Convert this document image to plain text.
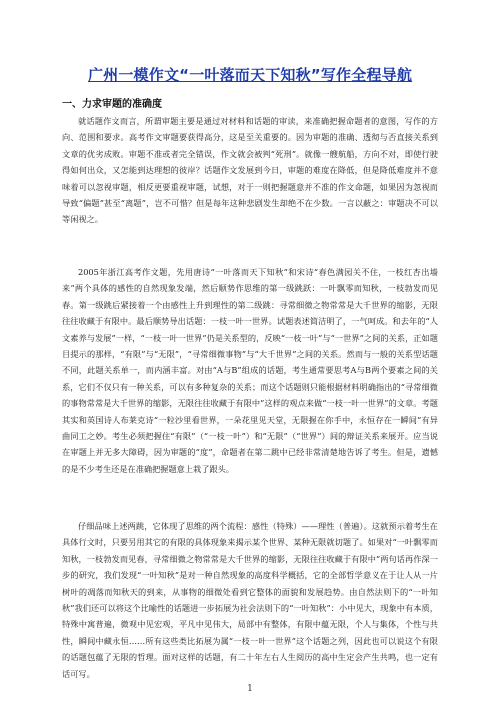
广州一模作文“一叶落而天下知秋”写作全程导航
一、力求审题的准确度

就话题作文而言，所谓审题主要是通过对材料和话题的审读，来准确把握命题者的意图，写作的方向、范围和要求。高考作文审题要获得高分，这是至关重要的。因为审题的准确、透彻与否直接关系到文章的优劣成败。审题不准或者完全错误，作文就会被判“死刑”。就像一艘航船，方向不对，即使行驶得如何出众，又怎能到达理想的彼岸？话题作文发展到今日，审题的难度在降低，但是降低难度并不意味着可以忽视审题，相反更要重视审题，试想，对于一则把握题意并不准的作文命题，如果因为忽视而导致“偏题”甚至“离题”，岂不可惜？但是每年这种悲剧发生却绝不在少数。一言以蔽之：审题决不可以等闲视之。

2005年浙江高考作文题，先用唐诗“一叶落而天下知秋”和宋诗“春色满园关不住，一枝红杏出墙来”两个具体的感性的自然现象发端，然后顺势作思维的第一级跳跃：一叶飘零而知秋，一枝勃发而见春。第一级跳后紧接着一个由感性上升到理性的第二级跳：寻常细微之物常常是大千世界的缩影，无限往往收藏于有限中。最后顺势导出话题：一枝一叶一世界。试题表述简洁明了，一气呵成。和去年的“人文素养与发展”一样，“一枝一叶一世界”仍是关系型的，反映“一枝一叶”与“一世界”之间的关系，正如题目提示的那样，“有限”与“无限”，“寻常细微事物”与“大千世界”之间的关系。然而与一般的关系型话题不同，此题关系单一，而内涵丰富。对由“A与B”组成的话题，考生通常要思考A与B两个要素之间的关系，它们不仅只有一种关系，可以有多种复杂的关系；而这个话题则只能根据材料明确指出的“寻常细微的事物常常是大千世界的缩影，无限往往收藏于有限中”这样的观点来做“一枝一叶一世界”的文章。考题其实和英国诗人布莱克诗“一粒沙里看世界，一朵花里见天堂，无限握在你手中，永恒存在一瞬间”有异曲同工之妙。考生必须把握住“有限”（“一枝一叶”）和“无限”（“世界”）间的辩证关系来展开。应当说在审题上并无多大障碍，因为审题的“度”，命题者在第二跳中已经非常清楚地告诉了考生。但是，遗憾的是不少考生还是在准确把握题意上栽了跟头。

仔细品味上述两跳，它体现了思维的两个流程：感性（特殊）——理性（普遍）。这就预示着考生在具体行文时，只要另用其它的有限的具体现象来揭示某个世界、某种无限就切题了。如果对“一叶飘零而知秋，一枝勃发而见春，寻常细微之物常常是大千世界的缩影，无限往往收藏于有限中”两句话再作深一步的研究，我们发现“一叶知秋”是对一种自然现象的高度科学概括，它的全部哲学意义在于让人从一片树叶的凋落而知秋天的到来，从事物的细微处看到它整体的面貌和发展趋势。由自然法则下的“一叶知秋”我们还可以将这个比喻性的话题进一步拓展为社会法则下的“一叶知秋”：小中见大，现象中有本质，特殊中寓普遍，微观中见宏观，平凡中见伟大，局部中有整体，有限中蕴无限，个人与集体，个性与共性，瞬间中藏永恒……所有这些类比拓展为属“一枝一叶一世界”这个话题之列，因此也可以说这个有限的话题包蕴了无限的哲理。面对这样的话题，有二十年左右人生阅历的高中生定会产生共鸣，也一定有话可写。

1
